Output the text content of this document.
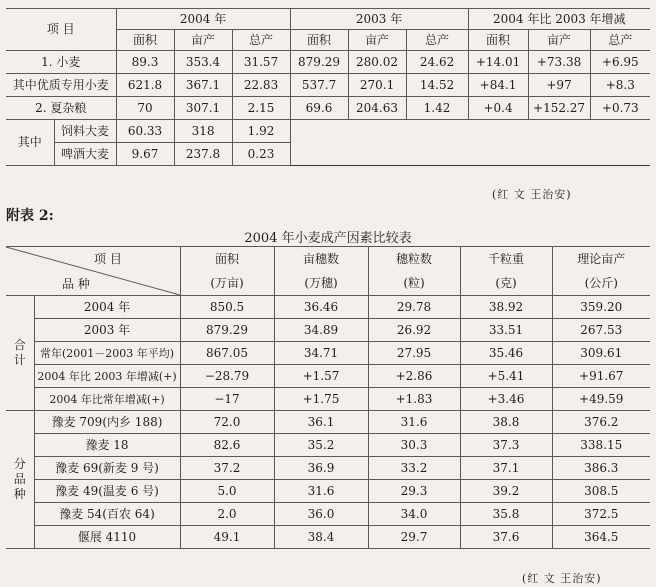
项 目		2004 年			2003 年			2004 年比 2003 年增减		
		面积	亩产	总产	面积	亩产	总产	面积	亩产	总产
1. 小麦		89.3	353.4	31.57	879.29	280.02	24.62	+14.01	+73.38	+6.95
其中优质专用小麦		621.8	367.1	22.83	537.7	270.1	14.52	+84.1	+97	+8.3
2. 夏杂粮		70	307.1	2.15	69.6	204.63	1.42	+0.4	+152.27	+0.73
其中	饲料大麦	60.33	318	1.92						
	啤酒大麦	9.67	237.8	0.23						
(红 文 王治安)
附表 2:
2004 年小麦成产因素比较表
项 目
品 种		面积	亩穗数	穗粒数	千粒重	理论亩产
		(万亩)	(万穗)	(粒)	(克)	(公斤)
合 计	2004 年	850.5	36.46	29.78	38.92	359.20
	2003 年	879.29	34.89	26.92	33.51	267.53
	常年(2001－2003 年平均)	867.05	34.71	27.95	35.46	309.61
	2004 年比 2003 年增减(+)	−28.79	+1.57	+2.86	+5.41	+91.67
	2004 年比常年增减(+)	−17	+1.75	+1.83	+3.46	+49.59
分 品 种	豫麦 709(内乡 188)	72.0	36.1	31.6	38.8	376.2
	豫麦 18	82.6	35.2	30.3	37.3	338.15
	豫麦 69(新麦 9 号)	37.2	36.9	33.2	37.1	386.3
	豫麦 49(温麦 6 号)	5.0	31.6	29.3	39.2	308.5
	豫麦 54(百农 64)	2.0	36.0	34.0	35.8	372.5
	偃展 4110	49.1	38.4	29.7	37.6	364.5
(红 文 王治安)
